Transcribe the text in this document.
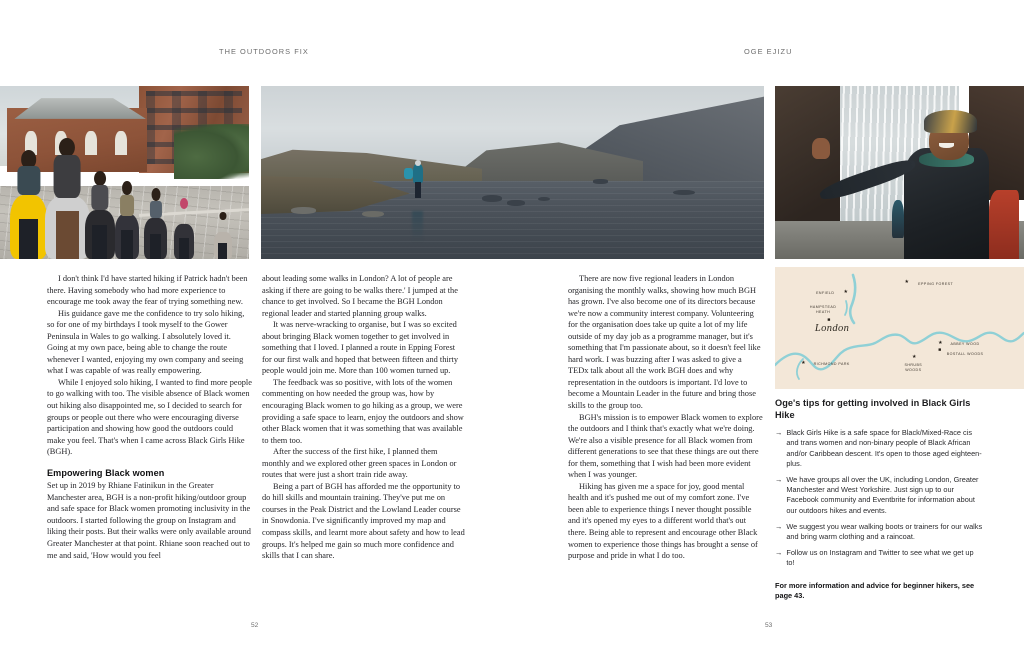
THE OUTDOORS FIX	OGE EJIZU

I don't think I'd have started hiking if Patrick hadn't been there. Having somebody who had more experience to encourage me took away the fear of trying something new.

His guidance gave me the confidence to try solo hiking, so for one of my birthdays I took myself to the Gower Peninsula in Wales to go walking. I absolutely loved it. Going at my own pace, being able to change the route whenever I wanted, enjoying my own company and seeing what I was capable of was really empowering.

While I enjoyed solo hiking, I wanted to find more people to go walking with too. The visible absence of Black women out hiking also disappointed me, so I decided to search for groups or people out there who were encouraging diverse participation and showing how good the outdoors could make you feel. That's when I came across Black Girls Hike (BGH).

Empowering Black women

Set up in 2019 by Rhiane Fatinikun in the Greater Manchester area, BGH is a non-profit hiking/outdoor group and safe space for Black women promoting inclusivity in the outdoors. I started following the group on Instagram and liking their posts. But their walks were only available around Greater Manchester at that point. Rhiane soon reached out to me and said, 'How would you feel

about leading some walks in London? A lot of people are asking if there are going to be walks there.' I jumped at the chance to get involved. So I became the BGH London regional leader and started planning group walks.

It was nerve-wracking to organise, but I was so excited about bringing Black women together to get involved in something that I loved. I planned a route in Epping Forest for our first walk and hoped that between fifteen and thirty people would join me. More than 100 women turned up.

The feedback was so positive, with lots of the women commenting on how needed the group was, how by encouraging Black women to go hiking as a group, we were providing a safe space to learn, enjoy the outdoors and show other Black women that it was something that was available to them too.

After the success of the first hike, I planned them monthly and we explored other green spaces in London or routes that were just a short train ride away.

Being a part of BGH has afforded me the opportunity to do hill skills and mountain training. They've put me on courses in the Peak District and the Lowland Leader course in Snowdonia. I've significantly improved my map and compass skills, and learnt more about safety and how to lead groups. It's helped me gain so much more confidence and skills that I can share.

There are now five regional leaders in London organising the monthly walks, showing how much BGH has grown. I've also become one of its directors because we're now a community interest company. Volunteering for the organisation does take up quite a lot of my life outside of my day job as a programme manager, but it's something that I'm passionate about, so it doesn't feel like hard work. I was buzzing after I was asked to give a TEDx talk about all the work BGH does and why representation in the outdoors is important. I'd love to become a Mountain Leader in the future and bring those skills to the group too.

BGH's mission is to empower Black women to explore the outdoors and I think that's exactly what we're doing. We're also a visible presence for all Black women from different generations to see that these things are out there for them, something that I wish had been more evident when I was younger.

Hiking has given me a space for joy, good mental health and it's pushed me out of my comfort zone. I've been able to experience things I never thought possible and it's opened my eyes to a different world that's out there. Being able to represent and encourage other Black women to experience those things has brought a sense of purpose and pride in what I do too.

London
ENFIELD ★
★	EPPING FOREST
HAMPSTEAD
HEATH
■
★ RICHMOND PARK
★ ABBEY WOOD
■
BOSTALL WOODS
★
SHRUBS
WOODS
Oge's tips for getting involved in Black Girls Hike
→ Black Girls Hike is a safe space for Black/Mixed-Race cis and trans women and non-binary people of Black African and/or Caribbean descent. It's open to those aged eighteen-plus.
→ We have groups all over the UK, including London, Greater Manchester and West Yorkshire. Just sign up to our Facebook community and Eventbrite for information about our outdoors hikes and events.
→ We suggest you wear walking boots or trainers for our walks and bring warm clothing and a raincoat.
→ Follow us on Instagram and Twitter to see what we get up to!
For more information and advice for beginner hikers, see page 43.
52	53
